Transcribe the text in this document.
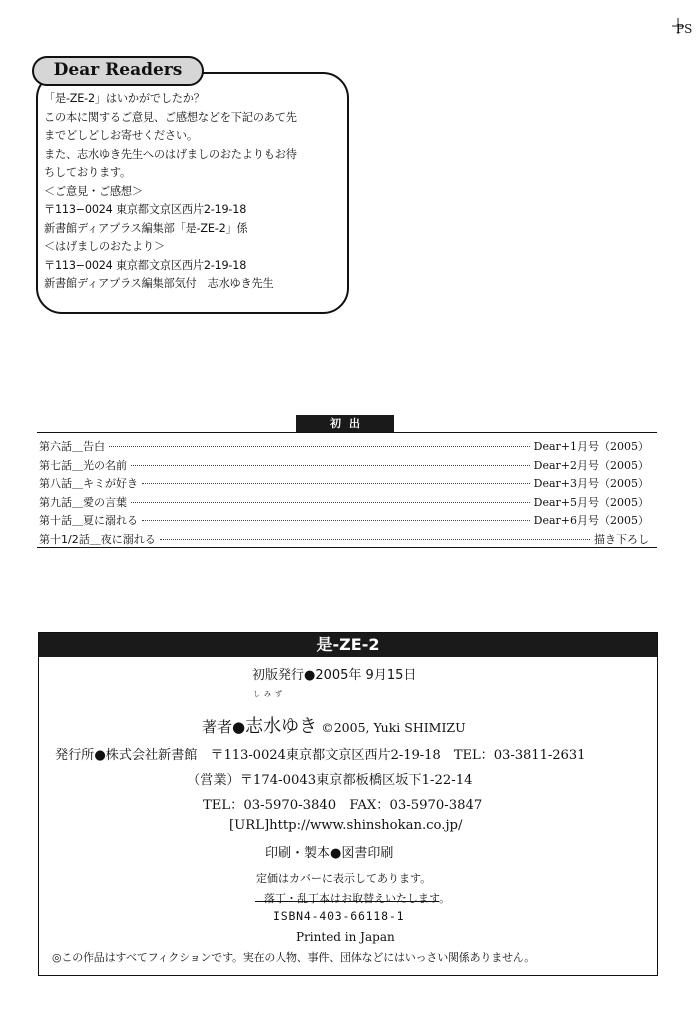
PS
Dear Readers
「是-ZE-2」はいかがでしたか？
この本に関するご意見、ご感想などを下記のあて先
までどしどしお寄せください。
また、志水ゆき先生へのはげましのおたよりもお待
ちしております。
＜ご意見・ご感想＞
〒113−0024 東京都文京区西片2-19-18
新書館ディアプラス編集部「是-ZE-2」係
＜はげましのおたより＞
〒113−0024 東京都文京区西片2-19-18
新書館ディアプラス編集部気付　志水ゆき先生
初出
第六話＿告白	Dear+1月号（2005）
第七話＿光の名前	Dear+2月号（2005）
第八話＿キミが好き	Dear+3月号（2005）
第九話＿愛の言葉	Dear+5月号（2005）
第十話＿夏に溺れる	Dear+6月号（2005）
第十1/2話＿夜に溺れる	描き下ろし
是-ZE-2
初版発行●2005年 9月15日
しみず
著者●志水ゆき ©2005, Yuki SHIMIZU
発行所●株式会社新書館　〒113-0024東京都文京区西片2-19-18　TEL：03-3811-2631
（営業）〒174-0043東京都板橋区坂下1-22-14
TEL：03-5970-3840　FAX：03-5970-3847
[URL]http://www.shinshokan.co.jp/
印刷・製本●図書印刷
定価はカバーに表示してあります。
落丁・乱丁本はお取替えいたします。
ISBN4-403-66118-1
Printed in Japan
◎この作品はすべてフィクションです。実在の人物、事件、団体などにはいっさい関係ありません。
